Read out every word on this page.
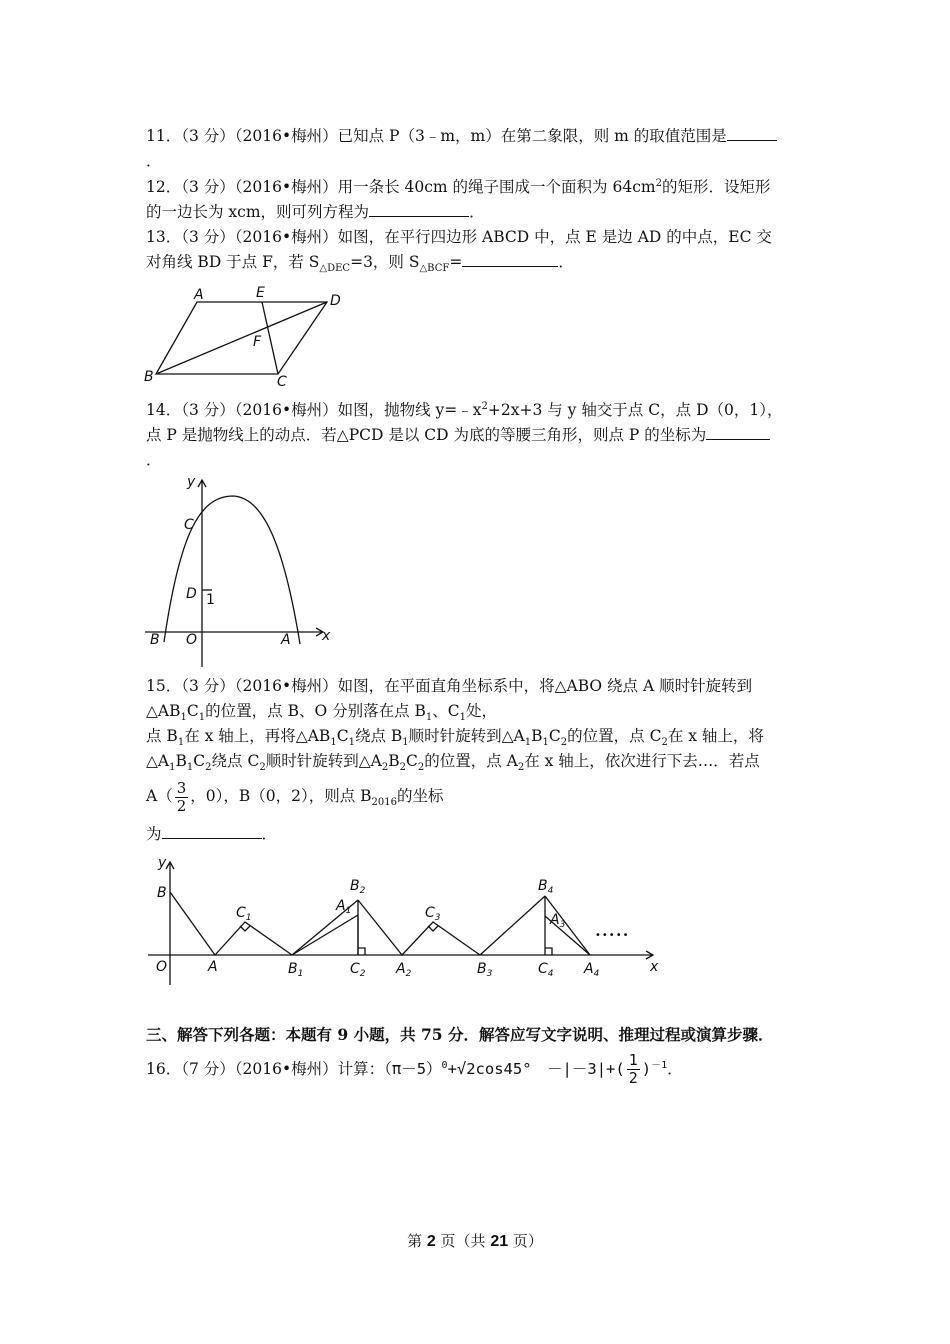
11．（3 分）（2016•梅州）已知点 P（3﹣m，m）在第二象限，则 m 的取值范围是
．
12．（3 分）（2016•梅州）用一条长 40cm 的绳子围成一个面积为 $64cm^2$的矩形．设矩形
的一边长为 xcm，则可列方程为	．
13．（3 分）（2016•梅州）如图，在平行四边形 ABCD 中，点 E 是边 AD 的中点，EC 交
对角线 BD 于点 F，若 $S_{\triangle DEC}=3$，则 $S_{\triangle BCF}=$	．
A	E	D
F
B	C
14．（3 分）（2016•梅州）如图，抛物线 $y=﹣x^2+2x+3$ 与 y 轴交于点 C，点 D（0，1），
点 P 是抛物线上的动点．若△PCD 是以 CD 为底的等腰三角形，则点 P 的坐标为
．
y
x
C
D 1
B O	A
15．（3 分）（2016•梅州）如图，在平面直角坐标系中，将△ABO 绕点 A 顺时针旋转到
$\triangle AB_1C_1$的位置，点 B、O 分别落在点 $B_1$、$C_1$处，
点 $B_1$在 x 轴上，再将$\triangle AB_1C_1$绕点 $B_1$顺时针旋转到$\triangle A_1B_1C_2$的位置，点 $C_2$在 x 轴上，将
$\triangle A_1B_1C_2$绕点 $C_2$顺时针旋转到$\triangle A_2B_2C_2$的位置，点 $A_2$在 x 轴上，依次进行下去…．若点
$A( \frac{3}{2}$ ，0），B（0，2），则点 $B_{2016}$的坐标
为	．
y
x
B
O	A
$C_1$
$B_1$
$B_2$
$A_1$
$C_2$ $A_2$
$C_3$
$B_3$
$B_4$
$A_3$
$C_4$ $A_4$
•••••
三、解答下列各题：本题有 9 小题，共 75 分．解答应写文字说明、推理过程或演算步骤．
16．（7 分）（2016•梅州）计算：$(\pi-5)^0+√2\cos 45^\circ$　$-|-3|+( \frac{1}{2} )^{-1}$．
第 2 页（共 21 页）
